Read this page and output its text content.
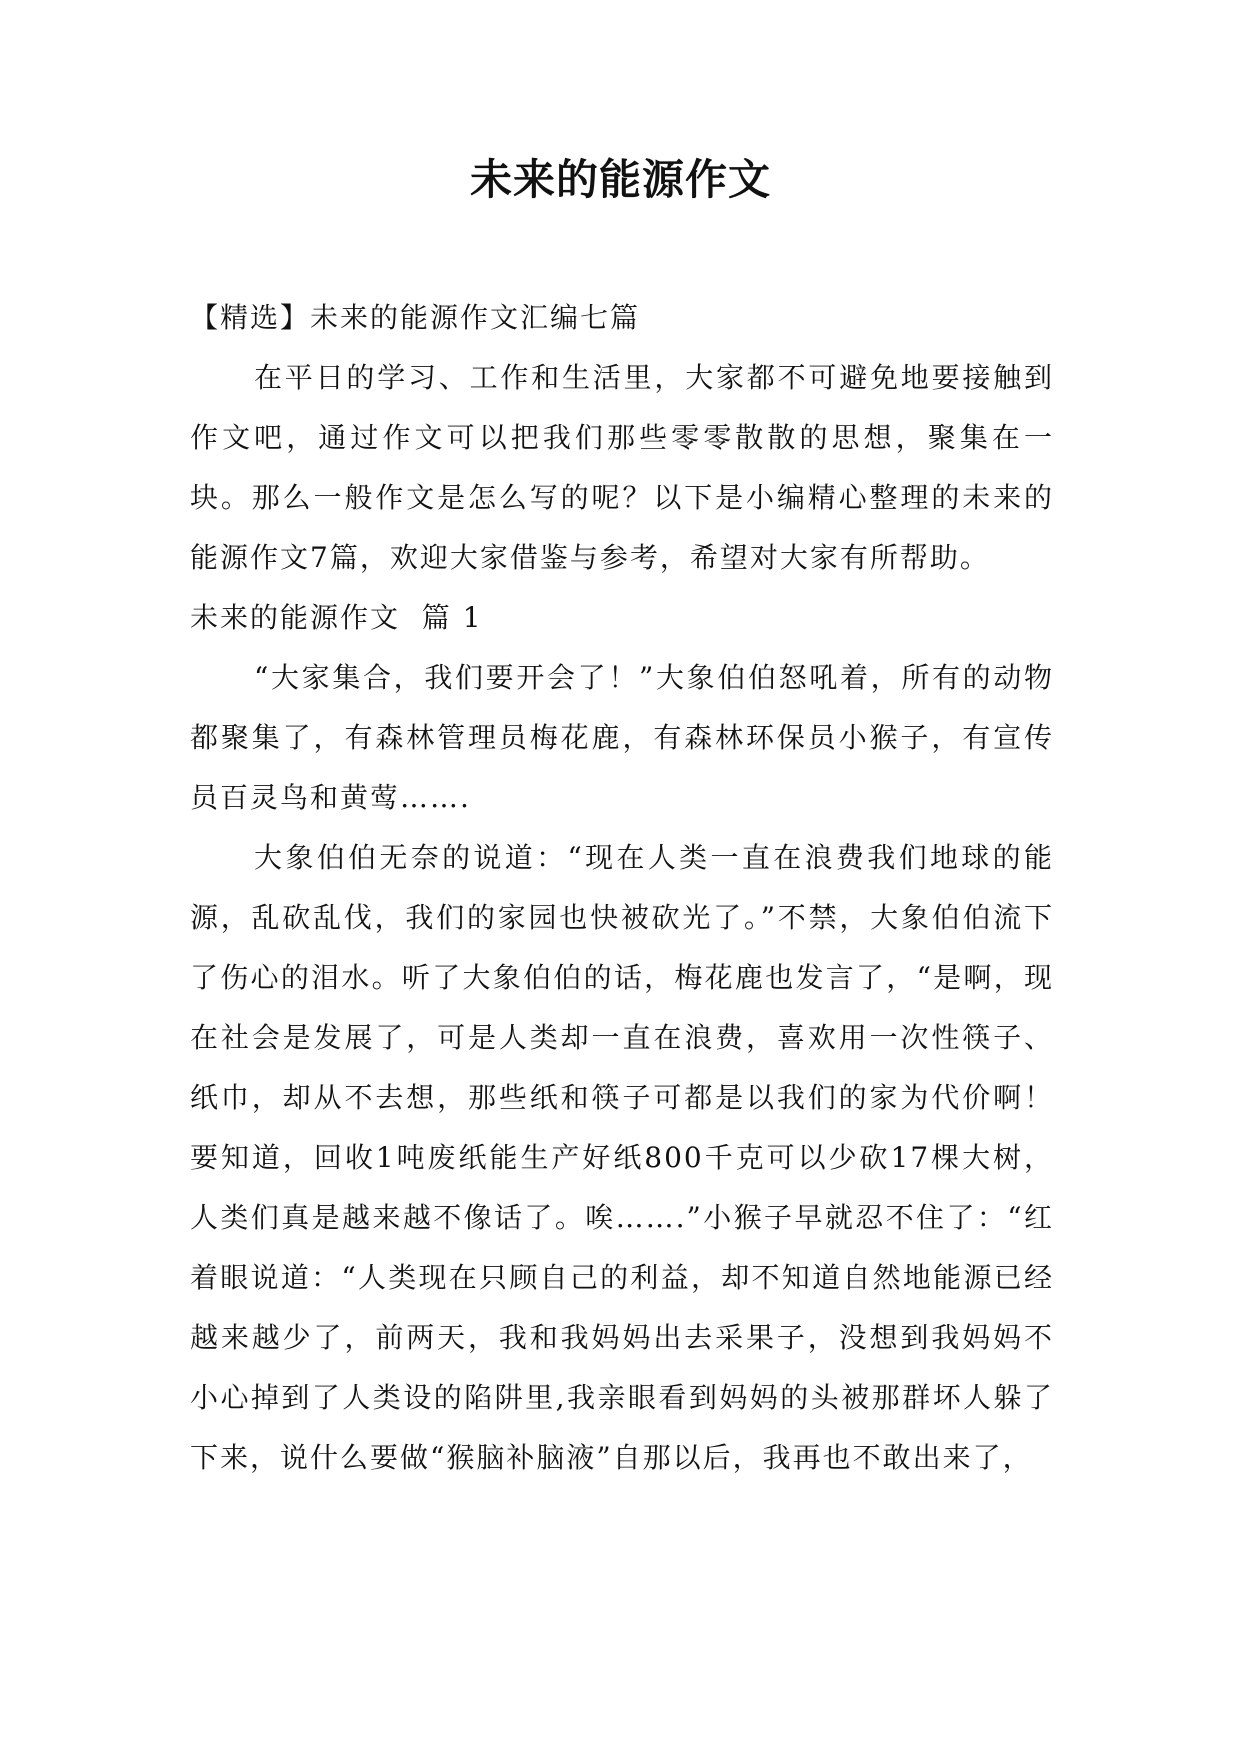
未来的能源作文

【精选】未来的能源作文汇编七篇

在平日的学习、工作和生活里，大家都不可避免地要接触到作文吧，通过作文可以把我们那些零零散散的思想，聚集在一块。那么一般作文是怎么写的呢？以下是小编精心整理的未来的能源作文7篇，欢迎大家借鉴与参考，希望对大家有所帮助。

未来的能源作文  篇 1

“大家集合，我们要开会了！”大象伯伯怒吼着，所有的动物都聚集了，有森林管理员梅花鹿，有森林环保员小猴子，有宣传员百灵鸟和黄莺…….

大象伯伯无奈的说道：“现在人类一直在浪费我们地球的能源，乱砍乱伐，我们的家园也快被砍光了。”不禁，大象伯伯流下了伤心的泪水。听了大象伯伯的话，梅花鹿也发言了，“是啊，现在社会是发展了，可是人类却一直在浪费，喜欢用一次性筷子、纸巾，却从不去想，那些纸和筷子可都是以我们的家为代价啊！要知道，回收1吨废纸能生产好纸800千克可以少砍17棵大树，人类们真是越来越不像话了。唉…….”小猴子早就忍不住了：“红着眼说道：“人类现在只顾自己的利益，却不知道自然地能源已经越来越少了，前两天，我和我妈妈出去采果子，没想到我妈妈不小心掉到了人类设的陷阱里,我亲眼看到妈妈的头被那群坏人躲了下来，说什么要做“猴脑补脑液”自那以后，我再也不敢出来了，
